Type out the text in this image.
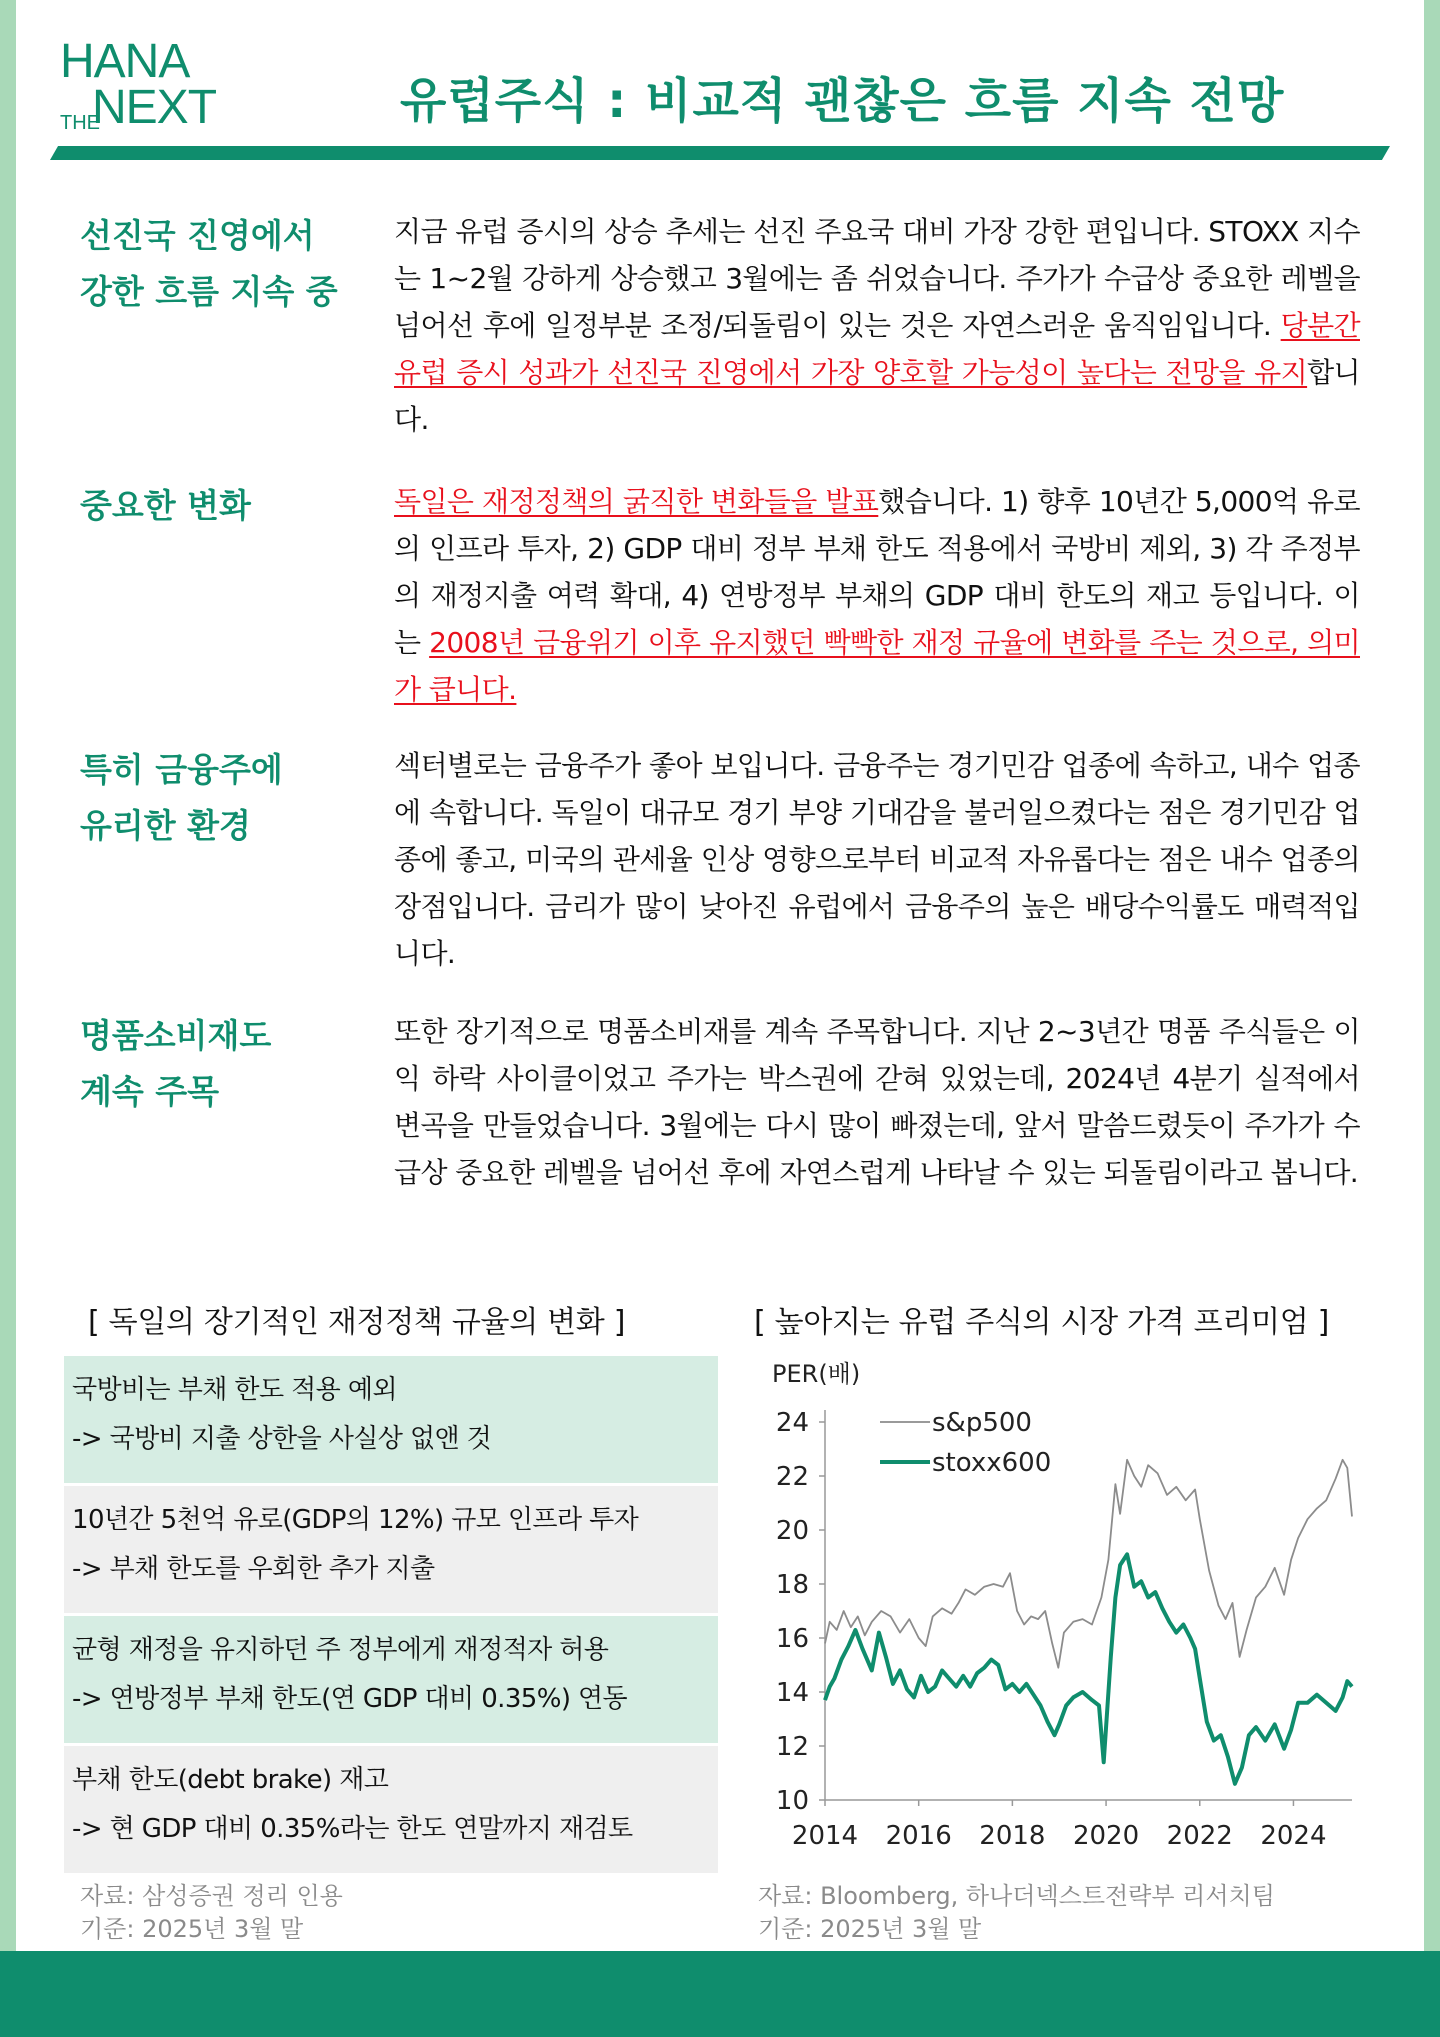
HANA
THE
NEXT	유럽주식 : 비교적 괜찮은 흐름 지속 전망
선진국 진영에서
강한 흐름 지속 중
지금 유럽 증시의 상승 추세는 선진 주요국 대비 가장 강한 편입니다. STOXX 지수는 1~2월 강하게 상승했고 3월에는 좀 쉬었습니다. 주가가 수급상 중요한 레벨을 넘어선 후에 일정부분 조정/되돌림이 있는 것은 자연스러운 움직임입니다. 당분간 유럽 증시 성과가 선진국 진영에서 가장 양호할 가능성이 높다는 전망을 유지합니다.
중요한 변화	독일은 재정정책의 굵직한 변화들을 발표했습니다. 1) 향후 10년간 5,000억 유로의 인프라 투자, 2) GDP 대비 정부 부채 한도 적용에서 국방비 제외, 3) 각 주정부의 재정지출 여력 확대, 4) 연방정부 부채의 GDP 대비 한도의 재고 등입니다. 이는 2008년 금융위기 이후 유지했던 빡빡한 재정 규율에 변화를 주는 것으로, 의미가 큽니다.
특히 금융주에
유리한 환경
섹터별로는 금융주가 좋아 보입니다. 금융주는 경기민감 업종에 속하고, 내수 업종에 속합니다. 독일이 대규모 경기 부양 기대감을 불러일으켰다는 점은 경기민감 업종에 좋고, 미국의 관세율 인상 영향으로부터 비교적 자유롭다는 점은 내수 업종의 장점입니다. 금리가 많이 낮아진 유럽에서 금융주의 높은 배당수익률도 매력적입니다.
명품소비재도
계속 주목
또한 장기적으로 명품소비재를 계속 주목합니다. 지난 2~3년간 명품 주식들은 이익 하락 사이클이었고 주가는 박스권에 갇혀 있었는데, 2024년 4분기 실적에서 변곡을 만들었습니다. 3월에는 다시 많이 빠졌는데, 앞서 말씀드렸듯이 주가가 수급상 중요한 레벨을 넘어선 후에 자연스럽게 나타날 수 있는 되돌림이라고 봅니다.
[ 독일의 장기적인 재정정책 규율의 변화 ]
국방비는 부채 한도 적용 예외
-> 국방비 지출 상한을 사실상 없앤 것
10년간 5천억 유로(GDP의 12%) 규모 인프라 투자
-> 부채 한도를 우회한 추가 지출
균형 재정을 유지하던 주 정부에게 재정적자 허용
-> 연방정부 부채 한도(연 GDP 대비 0.35%) 연동
부채 한도(debt brake) 재고
-> 현 GDP 대비 0.35%라는 한도 연말까지 재검토
자료: 삼성증권 정리 인용
기준: 2025년 3월 말
[ 높아지는 유럽 주식의 시장 가격 프리미엄 ]
PER(배)
10
12
14
16
18
20
22
24
2014 2016 2018 2020 2022 2024
s&p500
stoxx600
자료: Bloomberg, 하나더넥스트전략부 리서치팀
기준: 2025년 3월 말
